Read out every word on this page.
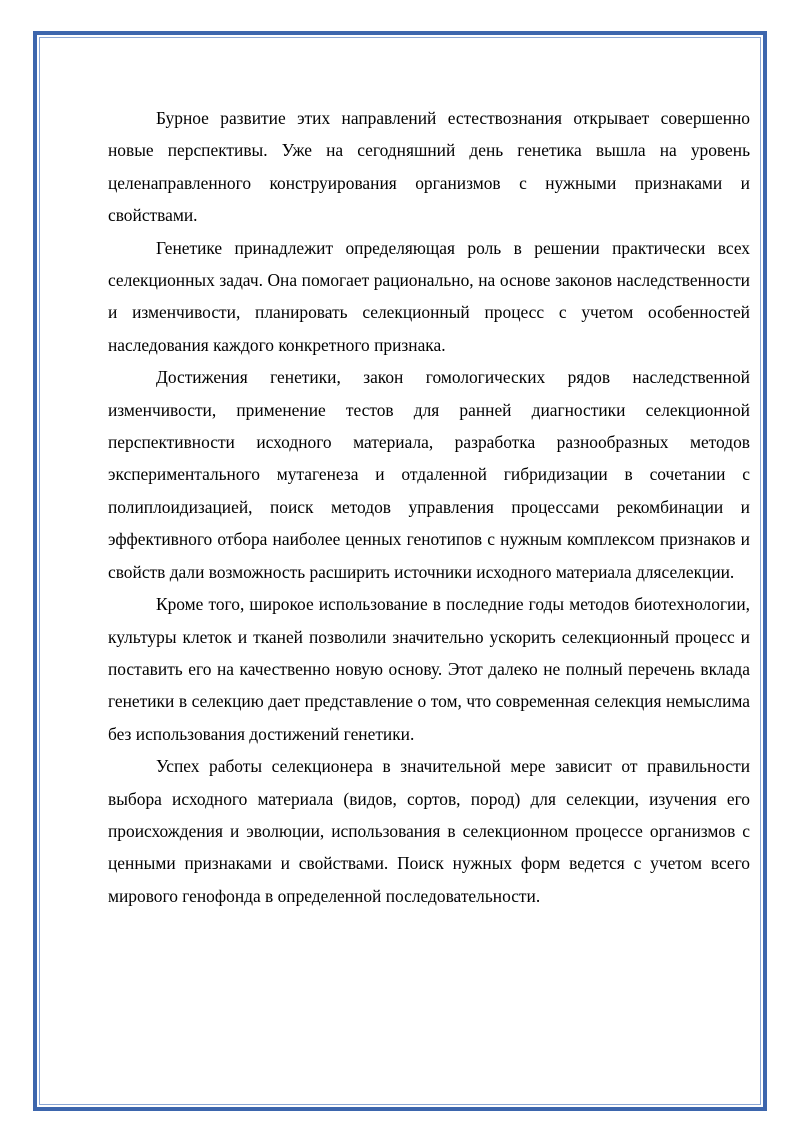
Бурное развитие этих направлений естествознания открывает совершенно новые перспективы. Уже на сегодняшний день генетика вышла на уровень целенаправленного конструирования организмов с нужными признаками и свойствами.

Генетике принадлежит определяющая роль в решении практически всех селекционных задач. Она помогает рационально, на основе законов наследственности и изменчивости, планировать селекционный процесс с учетом особенностей наследования каждого конкретного признака.

Достижения генетики, закон гомологических рядов наследственной изменчивости, применение тестов для ранней диагностики селекционной перспективности исходного материала, разработка разнообразных методов экспериментального мутагенеза и отдаленной гибридизации в сочетании с полиплоидизацией, поиск методов управления процессами рекомбинации и эффективного отбора наиболее ценных генотипов с нужным комплексом признаков и свойств дали возможность расширить источники исходного материала дляселекции.

Кроме того, широкое использование в последние годы методов биотехнологии, культуры клеток и тканей позволили значительно ускорить селекционный процесс и поставить его на качественно новую основу. Этот далеко не полный перечень вклада генетики в селекцию дает представление о том, что современная селекция немыслима без использования достижений генетики.

Успех работы селекционера в значительной мере зависит от правильности выбора исходного материала (видов, сортов, пород) для селекции, изучения его происхождения и эволюции, использования в селекционном процессе организмов с ценными признаками и свойствами. Поиск нужных форм ведется с учетом всего мирового генофонда в определенной последовательности.
